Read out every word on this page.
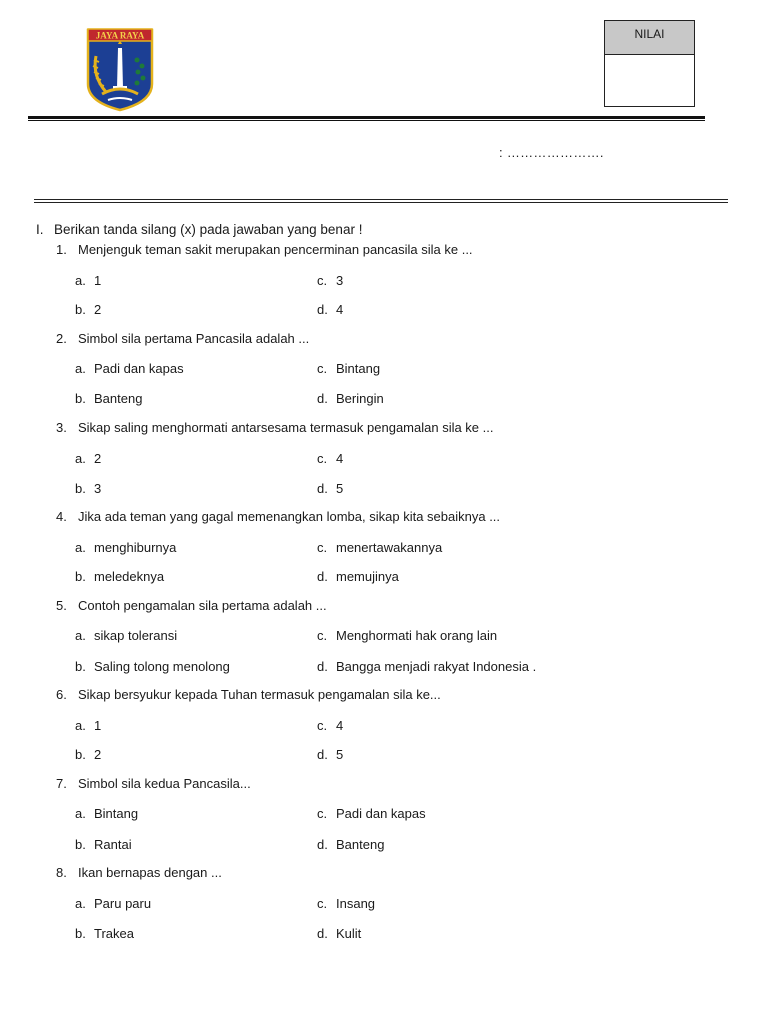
JAYA RAYA	NILAI
: ………………….
I. Berikan tanda silang (x) pada jawaban yang benar !
1. Menjenguk teman sakit merupakan pencerminan pancasila sila ke ...
a. 1	c. 3
b. 2	d. 4
2. Simbol sila pertama Pancasila adalah ...
a. Padi dan kapas	c. Bintang
b. Banteng	d. Beringin
3. Sikap saling menghormati antarsesama termasuk pengamalan sila ke ...
a. 2	c. 4
b. 3	d. 5
4. Jika ada teman yang gagal memenangkan lomba, sikap kita sebaiknya ...
a. menghiburnya	c. menertawakannya
b. meledeknya	d. memujinya
5. Contoh pengamalan sila pertama adalah ...
a. sikap toleransi	c. Menghormati hak orang lain
b. Saling tolong menolong	d. Bangga menjadi rakyat Indonesia .
6. Sikap bersyukur kepada Tuhan termasuk pengamalan sila ke...
a. 1	c. 4
b. 2	d. 5
7. Simbol sila kedua Pancasila...
a. Bintang	c. Padi dan kapas
b. Rantai	d. Banteng
8. Ikan bernapas dengan ...
a. Paru paru	c. Insang
b. Trakea	d. Kulit
